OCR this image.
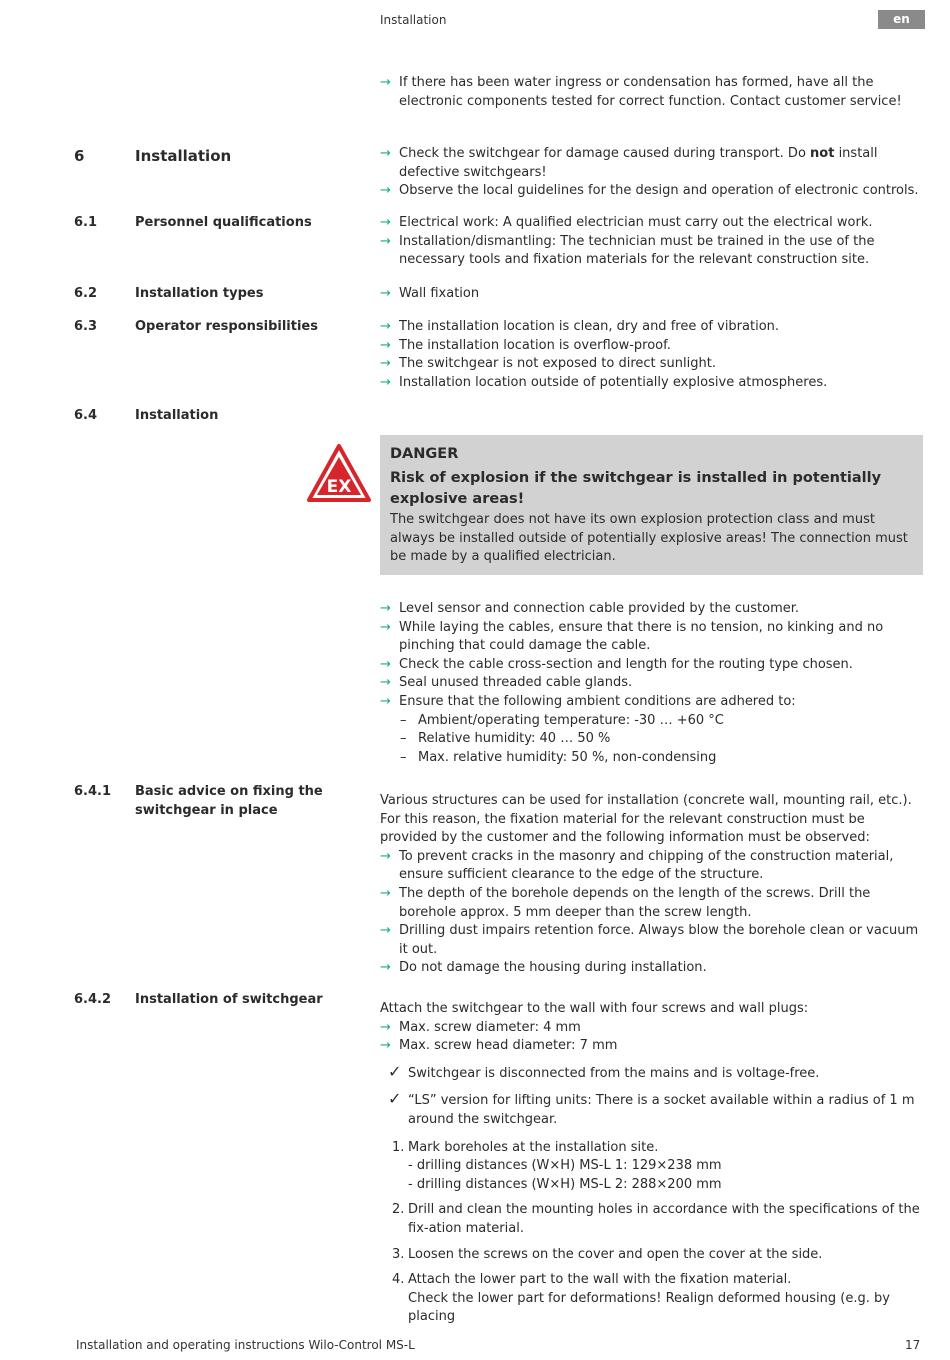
Installation	en
→ If there has been water ingress or condensation has formed, have all the electronic components tested for correct function. Contact customer service!
6	Installation	→ Check the switchgear for damage caused during transport. Do not install defective switchgears!
→ Observe the local guidelines for the design and operation of electronic controls.
6.1	Personnel qualifications	→ Electrical work: A qualified electrician must carry out the electrical work.
→ Installation/dismantling: The technician must be trained in the use of the necessary tools and fixation materials for the relevant construction site.
6.2	Installation types	→ Wall fixation
6.3	Operator responsibilities	→ The installation location is clean, dry and free of vibration.
→ The installation location is overflow-proof.
→ The switchgear is not exposed to direct sunlight.
→ Installation location outside of potentially explosive atmospheres.
6.4	Installation
EX
DANGER
Risk of explosion if the switchgear is installed in potentially explosive areas!
The switchgear does not have its own explosion protection class and must always be installed outside of potentially explosive areas! The connection must be made by a qualified electrician.
→ Level sensor and connection cable provided by the customer.
→ While laying the cables, ensure that there is no tension, no kinking and no pinching that could damage the cable.
→ Check the cable cross-section and length for the routing type chosen.
→ Seal unused threaded cable glands.
→ Ensure that the following ambient conditions are adhered to:
– Ambient/operating temperature: -30 … +60 °C
– Relative humidity: 40 … 50 %
– Max. relative humidity: 50 %, non-condensing
6.4.1 Basic advice on fixing the switchgear in place

Various structures can be used for installation (concrete wall, mounting rail, etc.). For this reason, the fixation material for the relevant construction must be provided by the customer and the following information must be observed:

→ To prevent cracks in the masonry and chipping of the construction material, ensure sufficient clearance to the edge of the structure.
→ The depth of the borehole depends on the length of the screws. Drill the borehole approx. 5 mm deeper than the screw length.
→ Drilling dust impairs retention force. Always blow the borehole clean or vacuum it out.
→ Do not damage the housing during installation.
6.4.2 Installation of switchgear

Attach the switchgear to the wall with four screws and wall plugs:

→ Max. screw diameter: 4 mm
→ Max. screw head diameter: 7 mm
✓ Switchgear is disconnected from the mains and is voltage-free.
✓ “LS” version for lifting units: There is a socket available within a radius of 1 m around the switchgear.
1. Mark boreholes at the installation site.
- drilling distances (W×H) MS-L 1: 129×238 mm
- drilling distances (W×H) MS-L 2: 288×200 mm
2. Drill and clean the mounting holes in accordance with the specifications of the fix-ation material.
3. Loosen the screws on the cover and open the cover at the side.
4. Attach the lower part to the wall with the fixation material.
Check the lower part for deformations! Realign deformed housing (e.g. by placing
Installation and operating instructions Wilo-Control MS-L	17
